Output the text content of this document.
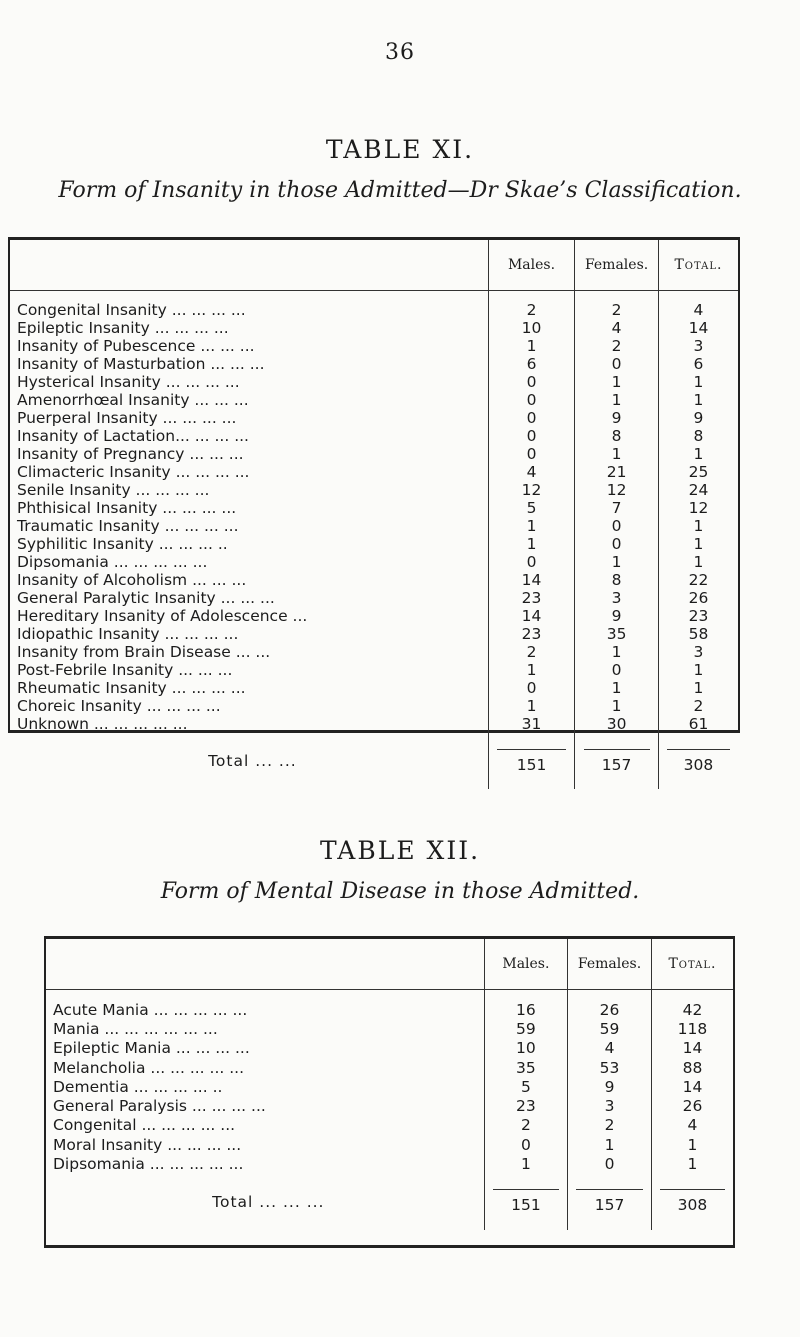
36
TABLE XI.
Form of Insanity in those Admitted—Dr Skae’s Classification.
	Males.	Females.	Total.

Congenital Insanity ... ... ... ...	2	2	4
Epileptic Insanity ... ... ... ...	10	4	14
Insanity of Pubescence ... ... ...	1	2	3
Insanity of Masturbation ... ... ...	6	0	6
Hysterical Insanity ... ... ... ...	0	1	1
Amenorrhœal Insanity ... ... ...	0	1	1
Puerperal Insanity ... ... ... ...	0	9	9
Insanity of Lactation... ... ... ...	0	8	8
Insanity of Pregnancy ... ... ...	0	1	1
Climacteric Insanity ... ... ... ...	4	21	25
Senile Insanity ... ... ... ...	12	12	24
Phthisical Insanity ... ... ... ...	5	7	12
Traumatic Insanity ... ... ... ...	1	0	1
Syphilitic Insanity ... ... ... ..	1	0	1
Dipsomania ... ... ... ... ...	0	1	1
Insanity of Alcoholism ... ... ...	14	8	22
General Paralytic Insanity ... ... ...	23	3	26
Hereditary Insanity of Adolescence ...	14	9	23
Idiopathic Insanity ... ... ... ...	23	35	58
Insanity from Brain Disease ... ...	2	1	3
Post-Febrile Insanity ... ... ...	1	0	1
Rheumatic Insanity ... ... ... ...	0	1	1
Choreic Insanity ... ... ... ...	1	1	2
Unknown ... ... ... ... ...	31	30	61
Total ... ...	151	157	308
TABLE XII.
Form of Mental Disease in those Admitted.
	Males.	Females.	Total.

Acute Mania ... ... ... ... ...	16	26	42
Mania ... ... ... ... ... ...	59	59	118
Epileptic Mania ... ... ... ...	10	4	14
Melancholia ... ... ... ... ...	35	53	88
Dementia ... ... ... ... ..	5	9	14
General Paralysis ... ... ... ...	23	3	26
Congenital ... ... ... ... ...	2	2	4
Moral Insanity ... ... ... ...	0	1	1
Dipsomania ... ... ... ... ...	1	0	1
Total ... ... ...	151	157	308
